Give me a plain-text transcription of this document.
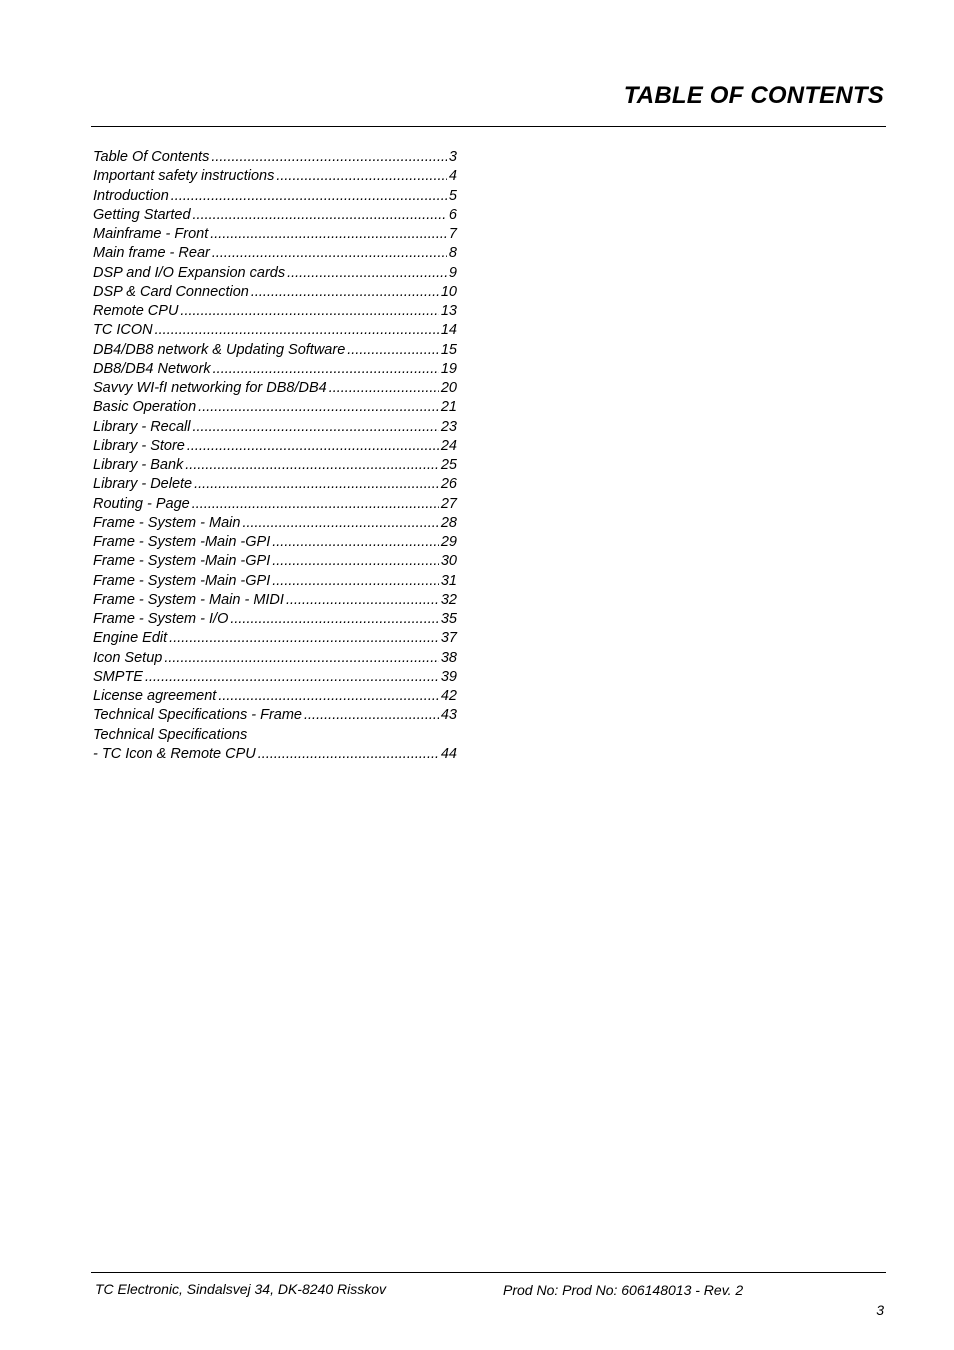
TABLE OF CONTENTS
Table Of Contents .....	3
Important safety instructions .....	4
Introduction .....	5
Getting Started .....	6
Mainframe - Front .....	7
Main frame - Rear .....	8
DSP and I/O Expansion cards .....	9
DSP & Card Connection .....	10
Remote CPU .....	13
TC ICON .....	14
DB4/DB8 network & Updating Software .....	15
DB8/DB4 Network .....	19
Savvy WI-fI networking for DB8/DB4 .....	20
Basic Operation .....	21
Library - Recall .....	23
Library - Store .....	24
Library - Bank .....	25
Library - Delete .....	26
Routing - Page .....	27
Frame - System - Main .....	28
Frame - System -Main -GPI .....	29
Frame - System -Main -GPI .....	30
Frame - System -Main -GPI .....	31
Frame - System - Main - MIDI .....	32
Frame - System - I/O .....	35
Engine Edit .....	37
Icon Setup .....	38
SMPTE .....	39
License agreement .....	42
Technical Specifications - Frame .....	43
Technical Specifications
- TC Icon & Remote CPU .....	44
TC Electronic, Sindalsvej 34, DK-8240 Risskov	Prod No: Prod No: 606148013 - Rev. 2
3
